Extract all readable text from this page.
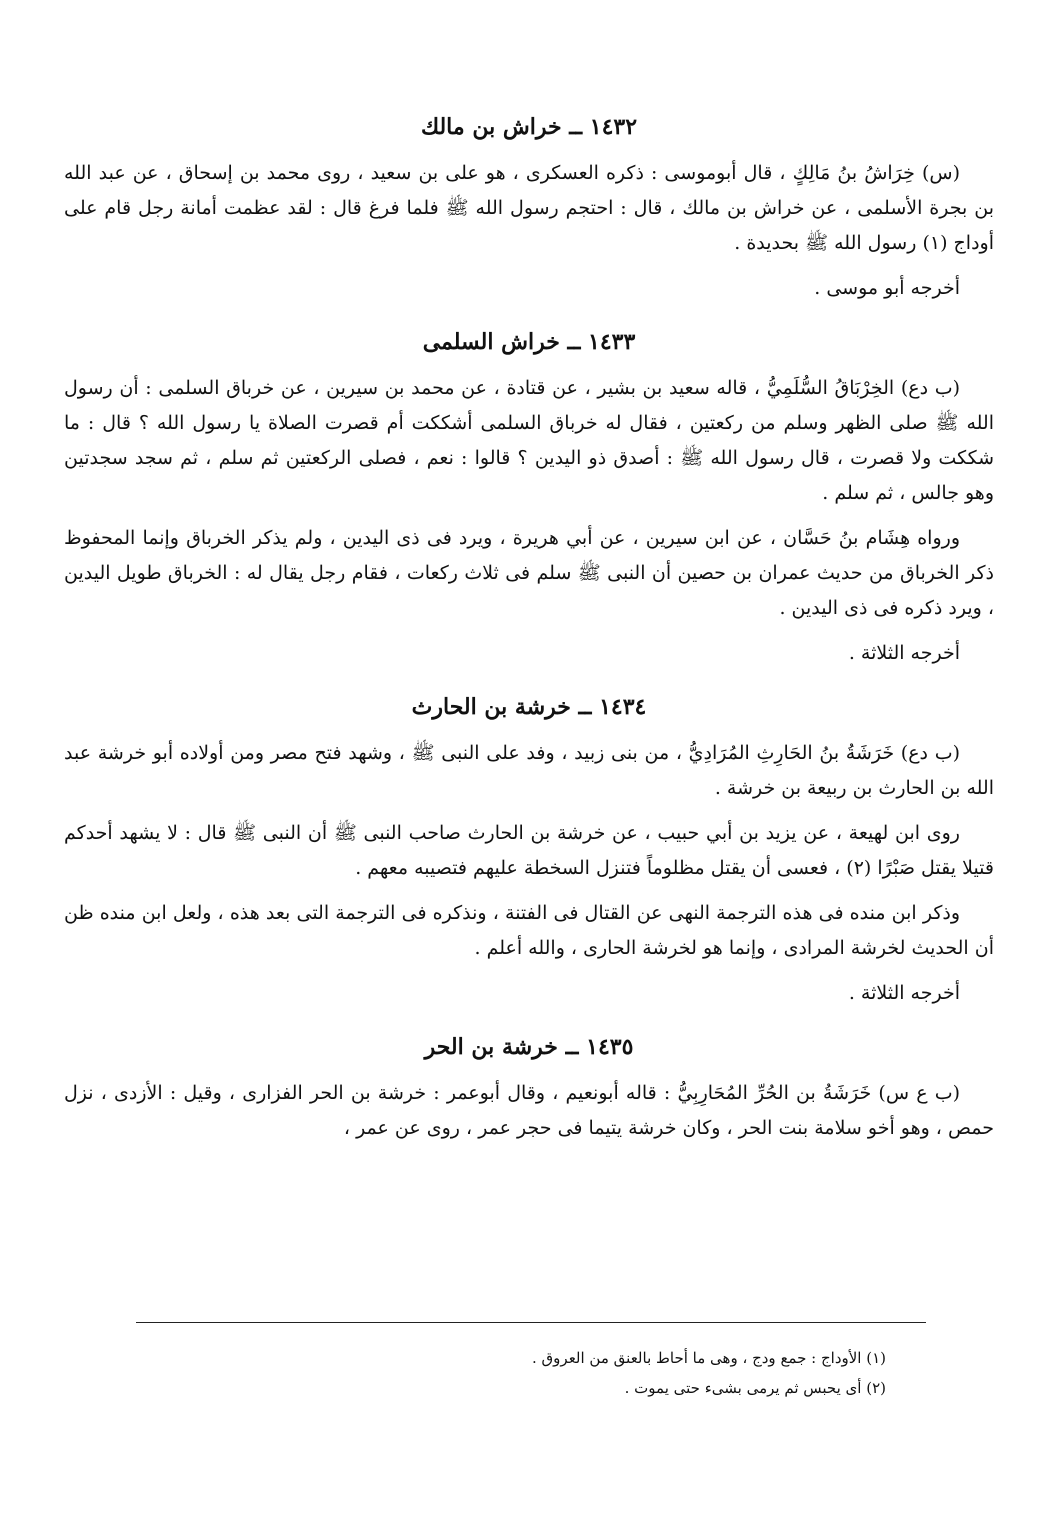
١٤٣٢ ــ خراش بن مالك

(س) خِرَاشُ بنُ مَالِكٍ ، قال أبوموسى : ذكره العسكرى ، هو على بن سعيد ، روى محمد بن إسحاق ، عن عبد الله بن بجرة الأسلمى ، عن خراش بن مالك ، قال : احتجم رسول الله ﷺ فلما فرغ قال : لقد عظمت أمانة رجل قام على أوداج (١) رسول الله ﷺ بحديدة .

أخرجه أبو موسى .

١٤٣٣ ــ خراش السلمى

(ب دع) الخِرْبَاقُ السُّلَمِيُّ ، قاله سعيد بن بشير ، عن قتادة ، عن محمد بن سيرين ، عن خرباق السلمى : أن رسول الله ﷺ صلى الظهر وسلم من ركعتين ، فقال له خرباق السلمى أشككت أم قصرت الصلاة يا رسول الله ؟ قال : ما شككت ولا قصرت ، قال رسول الله ﷺ : أصدق ذو اليدين ؟ قالوا : نعم ، فصلى الركعتين ثم سلم ، ثم سجد سجدتين وهو جالس ، ثم سلم .

ورواه هِشَام بنُ حَسَّان ، عن ابن سيرين ، عن أبي هريرة ، ويرد فى ذى اليدين ، ولم يذكر الخرباق وإنما المحفوظ ذكر الخرباق من حديث عمران بن حصين أن النبى ﷺ سلم فى ثلاث ركعات ، فقام رجل يقال له : الخرباق طويل اليدين ، ويرد ذكره فى ذى اليدين .

أخرجه الثلاثة .

١٤٣٤ ــ خرشة بن الحارث

(ب دع) خَرَشَةُ بنُ الحَارِثِ المُرَادِيُّ ، من بنى زبيد ، وفد على النبى ﷺ ، وشهد فتح مصر ومن أولاده أبو خرشة عبد الله بن الحارث بن ربيعة بن خرشة .

روى ابن لهيعة ، عن يزيد بن أبي حبيب ، عن خرشة بن الحارث صاحب النبى ﷺ أن النبى ﷺ قال : لا يشهد أحدكم قتيلا يقتل صَبْرًا (٢) ، فعسى أن يقتل مظلوماً فتنزل السخطة عليهم فتصيبه معهم .

وذكر ابن منده فى هذه الترجمة النهى عن القتال فى الفتنة ، ونذكره فى الترجمة التى بعد هذه ، ولعل ابن منده ظن أن الحديث لخرشة المرادى ، وإنما هو لخرشة الحارى ، والله أعلم .

أخرجه الثلاثة .

١٤٣٥ ــ خرشة بن الحر

(ب ع س) خَرَشَةُ بن الحُرِّ المُحَارِبِيُّ : قاله أبونعيم ، وقال أبوعمر : خرشة بن الحر الفزارى ، وقيل : الأزدى ، نزل حمص ، وهو أخو سلامة بنت الحر ، وكان خرشة يتيما فى حجر عمر ، روى عن عمر ،

(١) الأوداج : جمع ودج ، وهى ما أحاط بالعنق من العروق .

(٢) أى يحبس ثم يرمى بشىء حتى يموت .
